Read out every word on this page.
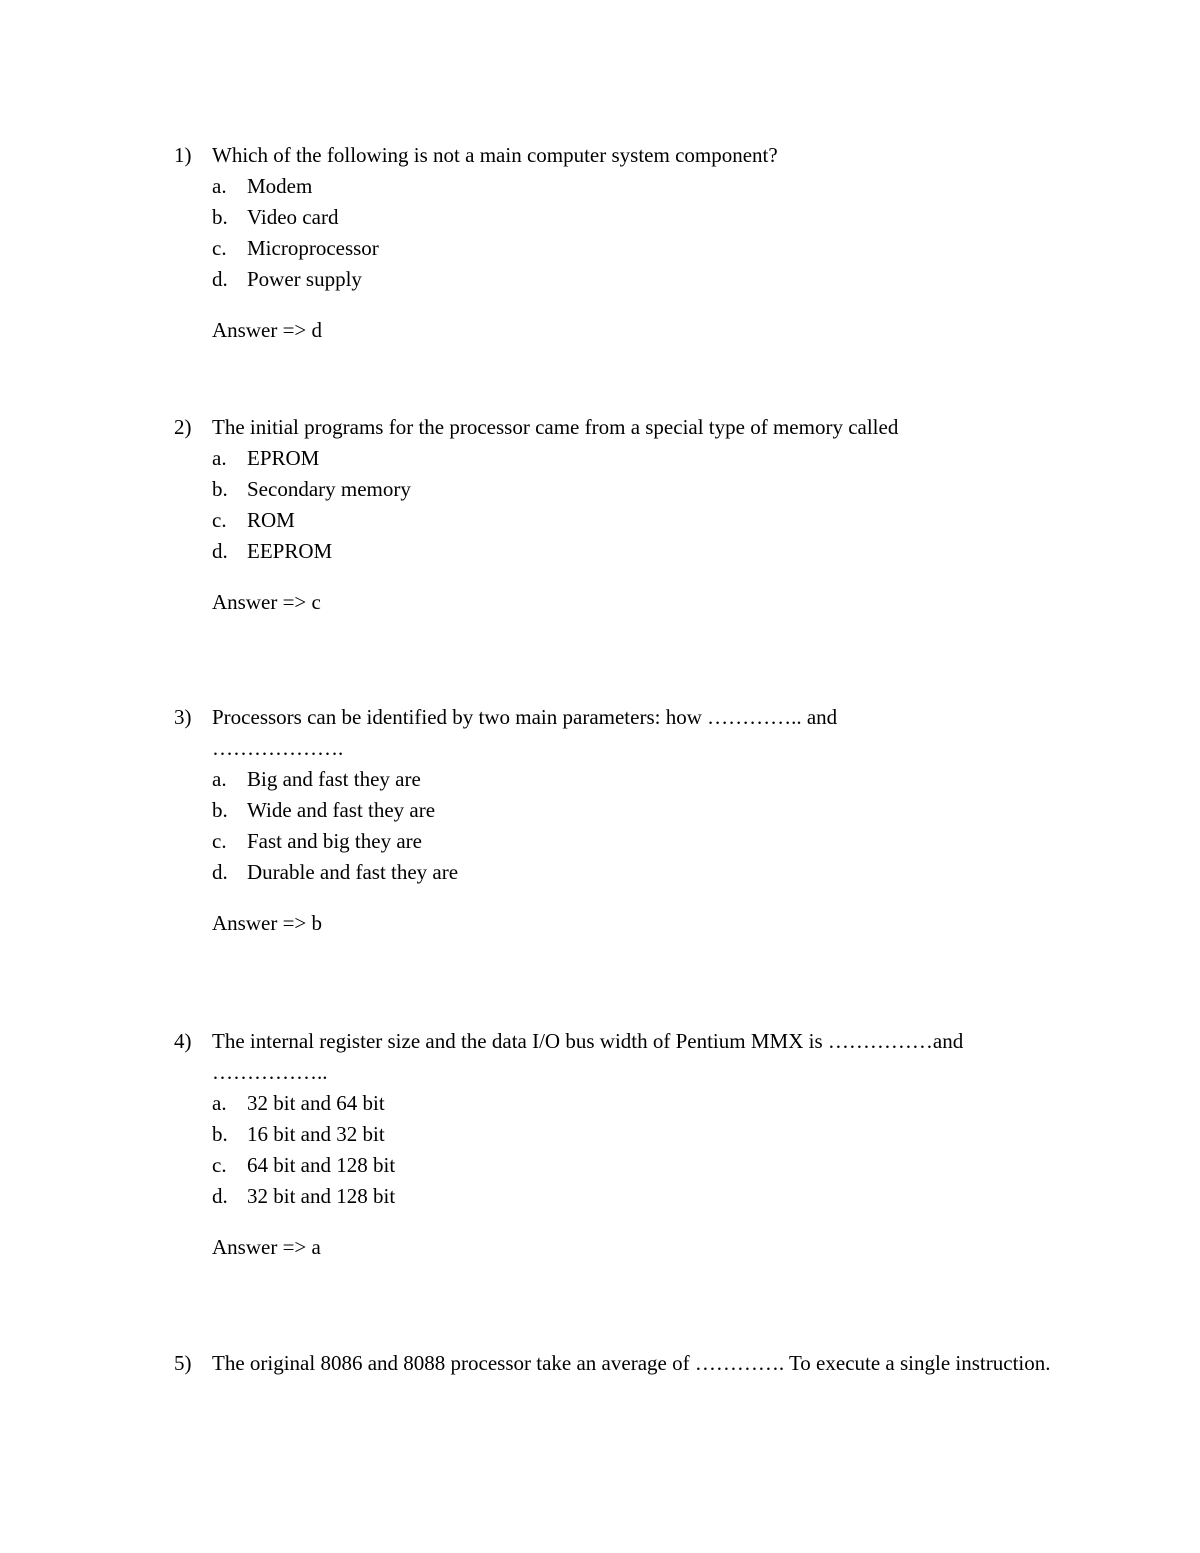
1) Which of the following is not a main computer system component?
a. Modem
b. Video card
c. Microprocessor
d. Power supply
Answer => d
2) The initial programs for the processor came from a special type of memory called
a. EPROM
b. Secondary memory
c. ROM
d. EEPROM
Answer => c
3) Processors can be identified by two main parameters: how ………….. and ……………….
a. Big and fast they are
b. Wide and fast they are
c. Fast and big they are
d. Durable and fast they are
Answer => b
4) The internal register size and the data I/O bus width of Pentium MMX is ……………and ……………..
a. 32 bit and 64 bit
b. 16 bit and 32 bit
c. 64 bit and 128 bit
d. 32 bit and 128 bit
Answer => a
5) The original 8086 and 8088 processor take an average of …………. To execute a single instruction.
